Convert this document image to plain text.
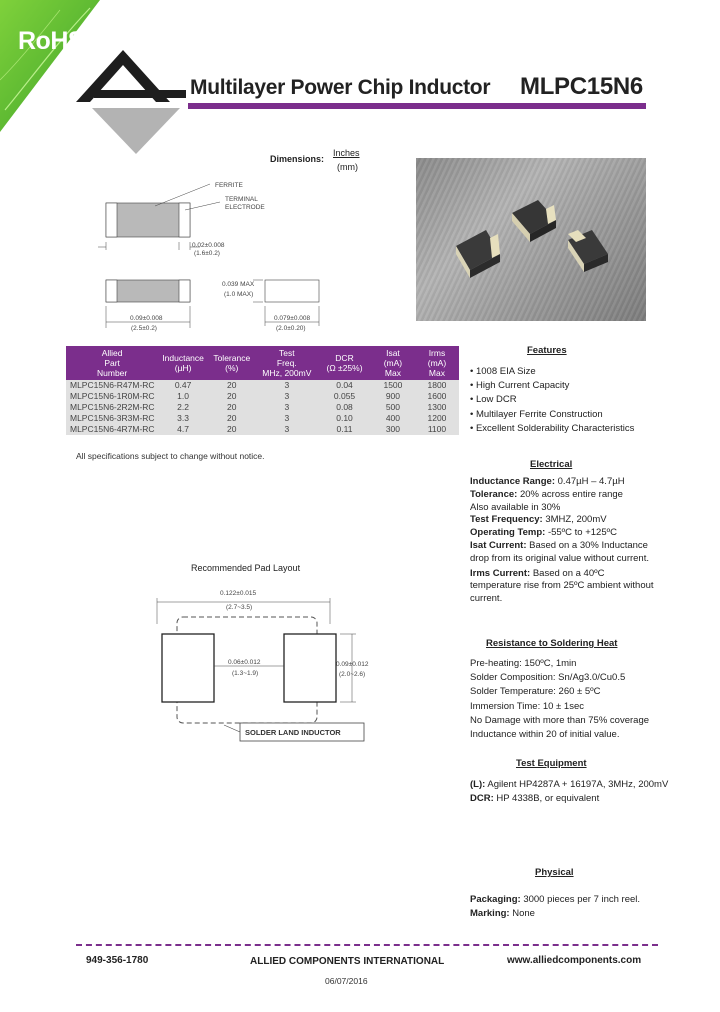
RoHS
Multilayer Power Chip Inductor MLPC15N6
Dimensions:
Inches
(mm)
FERRITE
TERMINAL
ELECTRODE
0.02±0.008
(1.6±0.2)
0.09±0.008
(2.5±0.2)
0.039 MAX
(1.0 MAX)
0.079±0.008
(2.0±0.20)
Allied
Part
Number	Inductance
(µH)	Tolerance
(%)	Test
Freq.
MHz, 200mV	DCR
(Ω ±25%)	Isat
(mA)
Max	Irms
(mA)
Max
MLPC15N6-R47M-RC	0.47	20	3	0.04	1500	1800
MLPC15N6-1R0M-RC	1.0	20	3	0.055	900	1600
MLPC15N6-2R2M-RC	2.2	20	3	0.08	500	1300
MLPC15N6-3R3M-RC	3.3	20	3	0.10	400	1200
MLPC15N6-4R7M-RC	4.7	20	3	0.11	300	1100
All specifications subject to change without notice.
Features
• 1008 EIA Size
• High Current Capacity
• Low DCR
• Multilayer Ferrite Construction
• Excellent Solderability Characteristics
Electrical

Inductance Range: 0.47µH – 4.7µH

Tolerance: 20% across entire range

Also available in 30%

Test Frequency: 3MHZ, 200mV

Operating Temp: -55ºC to +125ºC

Isat Current: Based on a 30% Inductance

drop from its original value without current.

Irms Current: Based on a 40ºC

temperature rise from 25ºC ambient without

current.

Resistance to Soldering Heat

Pre-heating: 150ºC, 1min

Solder Composition: Sn/Ag3.0/Cu0.5

Solder Temperature: 260 ± 5ºC

Immersion Time: 10 ± 1sec

No Damage with more than 75% coverage

Inductance within 20 of initial value.

Test Equipment

(L): Agilent HP4287A + 16197A, 3MHz, 200mV

DCR: HP 4338B, or equivalent

Physical

Packaging: 3000 pieces per 7 inch reel.

Marking: None

Recommended Pad Layout
0.122±0.015
(2.7~3.5)
0.06±0.012
(1.3~1.9)
0.09±0.012
(2.0~2.6)
SOLDER LAND INDUCTOR
949-356-1780	ALLIED COMPONENTS INTERNATIONAL	www.alliedcomponents.com
06/07/2016
